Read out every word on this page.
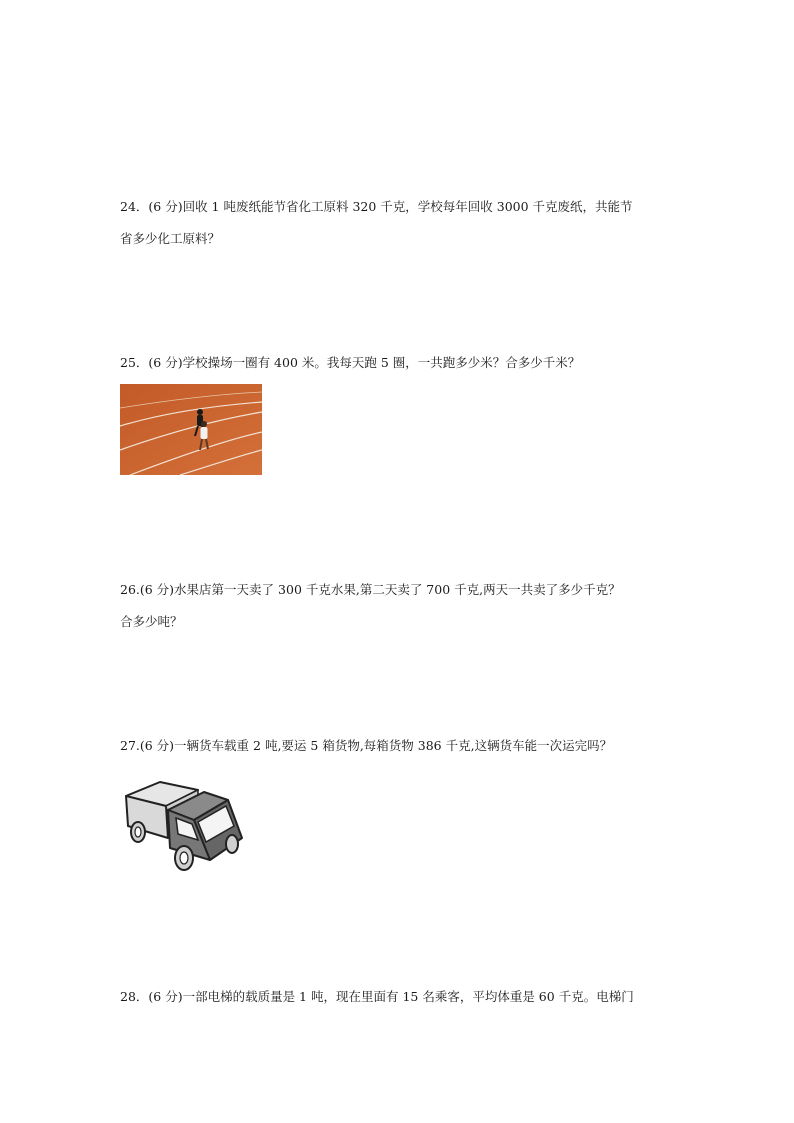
24．(6 分)回收 1 吨废纸能节省化工原料 320 千克，学校每年回收 3000 千克废纸，共能节

省多少化工原料？

25．(6 分)学校操场一圈有 400 米。我每天跑 5 圈，一共跑多少米？合多少千米？

26.(6 分)水果店第一天卖了 300 千克水果,第二天卖了 700 千克,两天一共卖了多少千克？

合多少吨？

27.(6 分)一辆货车载重 2 吨,要运 5 箱货物,每箱货物 386 千克,这辆货车能一次运完吗？

28．(6 分)一部电梯的载质量是 1 吨，现在里面有 15 名乘客，平均体重是 60 千克。电梯门
